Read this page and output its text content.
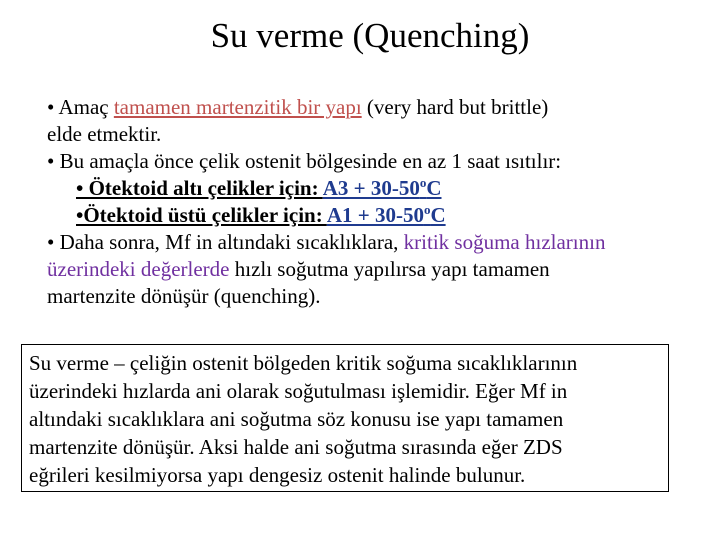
Su verme (Quenching)
• Amaç tamamen martenzitik bir yapı (very hard but brittle)
elde etmektir.
• Bu amaçla önce çelik ostenit bölgesinde en az 1 saat ısıtılır:
• Ötektoid altı çelikler için: $A3 + 30-50^oC$
•Ötektoid üstü çelikler için: $A1 + 30-50^oC$
• Daha sonra, Mf in altındaki sıcaklıklara, kritik soğuma hızlarının
üzerindeki değerlerde hızlı soğutma yapılırsa yapı tamamen
martenzite dönüşür (quenching).
Su verme – çeliğin ostenit bölgeden kritik soğuma sıcaklıklarının
üzerindeki hızlarda ani olarak soğutulması işlemidir. Eğer Mf in
altındaki sıcaklıklara ani soğutma söz konusu ise yapı tamamen
martenzite dönüşür. Aksi halde ani soğutma sırasında eğer ZDS
eğrileri kesilmiyorsa yapı dengesiz ostenit halinde bulunur.
